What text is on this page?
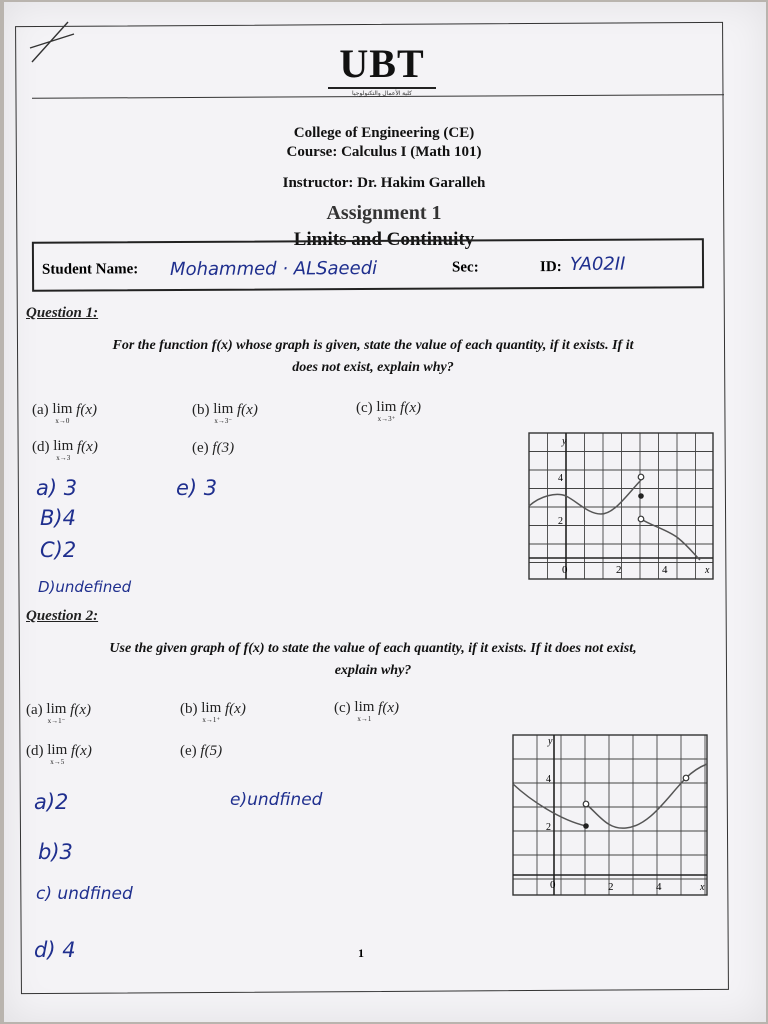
UBT
كلية الأعمال والتكنولوجيا
College of Engineering (CE)
Course: Calculus I (Math 101)
Instructor: Dr. Hakim Garalleh
Assignment 1
Limits and Continuity
Student Name: Mohammed · ALSaeedi	Sec:	ID: YA02II
Question 1:
For the function f(x) whose graph is given, state the value of each quantity, if it exists. If it
does not exist, explain why?
(a) lim
x→0
f(x)	(b) lim
x→3⁻
f(x)	(c) lim
x→3⁺
f(x)
(d) lim
x→3
f(x)	(e) f(3)
a) 3
B)4
C)2
D)undefined
e) 3
y
4
2
0	2	4	x
Question 2:
Use the given graph of f(x) to state the value of each quantity, if it exists. If it does not exist,
explain why?
(a) lim
x→1⁻
f(x)	(b) lim
x→1⁺
f(x)	(c) lim
x→1
f(x)
(d) lim
x→5
f(x)	(e) f(5)
a)2
b)3
c) undfined
d) 4
e)undfined
y
4
2
0	2	4	x
1
